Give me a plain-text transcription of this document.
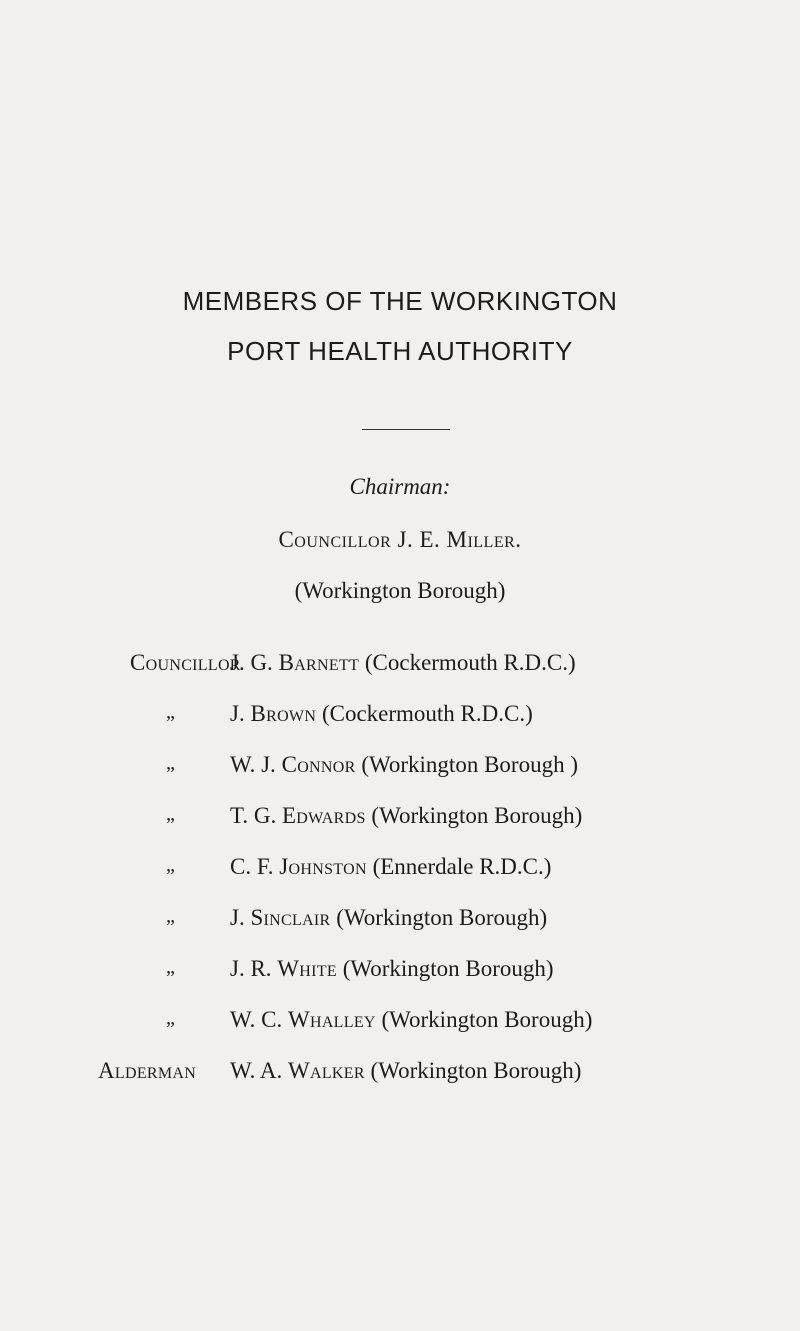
MEMBERS OF THE WORKINGTON
PORT HEALTH AUTHORITY
Chairman:
Councillor J. E. Miller.
(Workington Borough)
Councillor
J. G. Barnett (Cockermouth R.D.C.)
„ J. Brown (Cockermouth R.D.C.)
„ W. J. Connor (Workington Borough )
„ T. G. Edwards (Workington Borough)
„ C. F. Johnston (Ennerdale R.D.C.)
„ J. Sinclair (Workington Borough)
„ J. R. White (Workington Borough)
„ W. C. Whalley (Workington Borough)
Alderman W. A. Walker (Workington Borough)
